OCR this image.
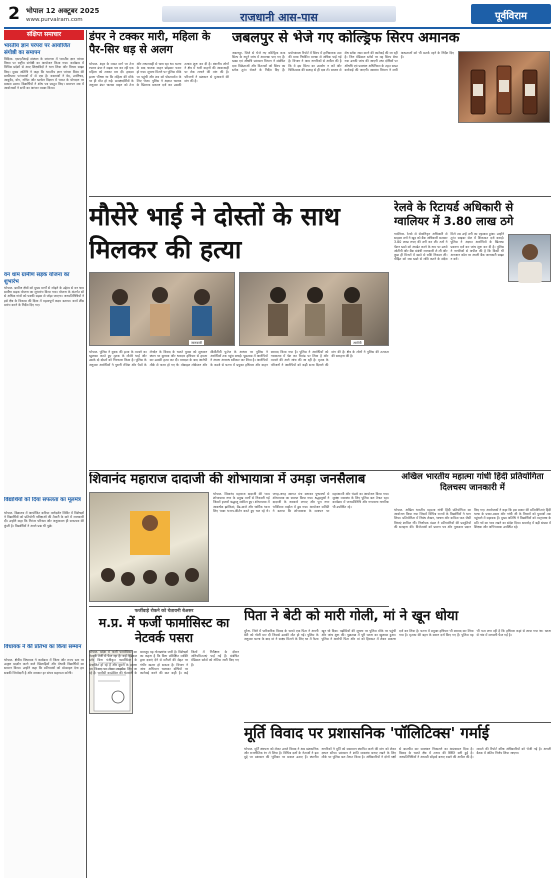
2 भोपाल 12 अक्टूबर 2025
www.purvairam.com	राजधानी आस-पास	पूर्वविराम
संक्षिप्त समाचार
भारतीय ज्ञान परंपरा पर आयोजित संगोष्ठी का समापन
विदिशा. एसएटीआई संस्थान के सभागार में भारतीय ज्ञान परंपरा विषय पर राष्ट्रीय संगोष्ठी का आयोजन किया गया। कार्यक्रम में विभिन्न प्रदेशों से आए शिक्षाविदों ने भाग लिया और विचार साझा किए। मुख्य अतिथि ने कहा कि भारतीय ज्ञान परंपरा विश्व की प्राचीनतम परंपराओं में से एक है। वक्ताओं ने वेद, उपनिषद, आयुर्वेद, योग, गणित और खगोल विज्ञान में भारत के योगदान पर प्रकाश डाला। विद्यार्थियों ने शोध पत्र प्रस्तुत किए। समापन सत्र में आयोजकों ने सभी का आभार व्यक्त किया।
वन धाम ग्रामीण सड़क योजना का शुभारंभ
भोपाल. ग्रामीण क्षेत्रों को मुख्य मार्गों से जोड़ने के उद्देश्य से वन धाम ग्रामीण सड़क योजना का शुभारंभ किया गया। योजना के अंतर्गत सौ से अधिक गांवों को पक्की सड़क से जोड़ा जाएगा। जनप्रतिनिधियों ने इसे क्षेत्र के विकास की दिशा में महत्वपूर्ण कदम बताया। कार्य शीघ्र प्रारंभ करने के निर्देश दिए गए।
विद्यार्थियों को दिया सफलता का मूलमंत्र
भोपाल. विद्यालय में आयोजित करियर मार्गदर्शन शिविर में विशेषज्ञों ने विद्यार्थियों को प्रतियोगी परीक्षाओं की तैयारी के बारे में जानकारी दी। उन्होंने कहा कि निरंतर परिश्रम और अनुशासन ही सफलता की कुंजी है। विद्यार्थियों ने अपने प्रश्न भी पूछे।
विधायक ने की प्रतिभा का किया सम्मान
भोपाल. क्षेत्रीय विधायक ने कार्यक्रम में जिला और राज्य स्तर पर उत्कृष्ट प्रदर्शन करने वाले खिलाड़ियों और मेधावी विद्यार्थियों का सम्मान किया। उन्होंने कहा कि प्रतिभाओं को प्रोत्साहन देना हम सबकी जिम्मेदारी है और सरकार हर संभव सहायता करेगी।
डंपर ने टक्कर मारी, महिला के पैर-सिर धड़ से अलग
भोपाल. शहर के व्यस्त मार्ग पर तेज रफ्तार डंपर ने सड़क पार कर रही एक महिला को टक्कर मार दी। हादसा इतना भीषण था कि महिला की मौके पर ही मौत हो गई। प्रत्यक्षदर्शियों के अनुसार डंपर चालक वाहन को तेज और लापरवाही से चला रहा था। घटना के बाद चालक वाहन छोड़कर फरार हो गया। सूचना मिलने पर पुलिस मौके पर पहुंची और शव को पोस्टमार्टम के लिए भेजा। पुलिस ने अज्ञात चालक के खिलाफ प्रकरण दर्ज कर उसकी तलाश शुरू कर दी है। स्थानीय लोगों ने क्षेत्र में भारी वाहनों की आवाजाही पर रोक लगाने की मांग की है। परिजनों ने प्रशासन से मुआवजे की मांग की है।
जबलपुर से भेजे गए कोल्ड्रिफ सिरप अमानक
जबलपुर. जिले से भेजे गए कोल्ड्रिफ कफ सिरप के नमूने जांच में अमानक पाए गए हैं। खाद्य एवं औषधि प्रशासन विभाग ने संबंधित दवा विक्रेताओं और वितरकों को सिरप का स्टॉक तुरंत रोकने के निर्देश दिए हैं। प्रयोगशाला रिपोर्ट में सिरप में हानिकारक तत्व की मात्रा निर्धारित मानक से अधिक पाई गई है। विभाग ने आम नागरिकों से अपील की है कि वे इस सिरप का उपयोग न करें और चिकित्सक की सलाह से ही दवा लें। बाजार से शेष स्टॉक जब्त करने की कार्रवाई की जा रही है। जिन मेडिकल स्टोर्स पर यह सिरप बेचा गया उनकी जांच की जाएगी तथा दोषियों पर औषधि एवं प्रसाधन अधिनियम के तहत सख्त कार्रवाई की जाएगी। स्वास्थ्य विभाग ने सभी अस्पतालों को भी सतर्क रहने के निर्देश दिए हैं।
मौसेरे भाई ने दोस्तों के साथ मिलकर की हत्या
जानकारी	आरोपी
भोपाल. पुलिस ने युवक की हत्या के मामले का खुलासा करते हुए मृतक के मौसेरे भाई और उसके दो दोस्तों को गिरफ्तार किया है। पुलिस के अनुसार आरोपियों ने पुरानी रंजिश और पैसों के लेनदेन के विवाद के चलते युवक को सुनसान स्थान पर बुलाया और धारदार हथियार से हमला कर उसकी हत्या कर दी। वारदात के बाद आरोपी मौके से फरार हो गए थे। मोबाइल लोकेशन और सीसीटीवी फुटेज के आधार पर पुलिस ने आरोपियों तक पहुंच बनाई। पूछताछ में आरोपियों ने अपना अपराध स्वीकार कर लिया है। आरोपियों के कब्जे से घटना में प्रयुक्त हथियार और वाहन बरामद किया गया है। पुलिस ने आरोपियों को न्यायालय में पेश कर रिमांड पर लिया है और मामले की आगे जांच की जा रही है। मृतक के परिजनों ने आरोपियों को कड़ी सजा दिलाने की मांग की है। क्षेत्र के लोगों ने पुलिस की तत्परता की सराहना की है।
रेलवे के रिटायर्ड अधिकारी से ग्वालियर में 3.80 लाख ठगे
ग्वालियर. रेलवे से सेवानिवृत्त अधिकारी से साइबर ठगों ने खुद को बैंक अधिकारी बताकर 3.80 लाख रुपए की ठगी कर ली। ठगों ने पेंशन खाते को अपडेट करने के नाम पर उनसे ओटीपी और बैंक संबंधी जानकारी ले ली और कुछ ही मिनटों में खाते से राशि निकाल ली। पीड़ित को जब खाते से राशि कटने के संदेश मिले तब उन्हें ठगी का एहसास हुआ। उन्होंने तुरंत साइबर सेल में शिकायत दर्ज कराई। पुलिस ने अज्ञात आरोपियों के खिलाफ प्रकरण दर्ज कर जांच शुरू कर दी है। पुलिस ने नागरिकों से अपील की है कि किसी भी अनजान कॉल पर अपनी बैंक जानकारी साझा न करें।
शिवानंद महाराज दादाजी की शोभायात्रा में उमड़ा जनसैलाब
भोपाल. शिवानंद महाराज दादाजी की भव्य शोभायात्रा नगर के प्रमुख मार्गों से निकाली गई जिसमें हजारों श्रद्धालु शामिल हुए। शोभायात्रा में आकर्षक झांकियां, बैंड-बाजे और धार्मिक ध्वज लिए भक्त भजन-कीर्तन करते हुए चल रहे थे। जगह-जगह स्वागत मंच बनाकर पुष्पवर्षा से शोभायात्रा का स्वागत किया गया। श्रद्धालुओं ने दादाजी के जयकारे लगाए और पूरा नगर भक्तिमय माहौल में डूब गया। आयोजन समिति ने बताया कि शोभायात्रा के समापन पर महाआरती और भंडारे का आयोजन किया गया। सुरक्षा व्यवस्था के लिए पुलिस बल तैनात रहा। कार्यक्रम में जनप्रतिनिधि और गणमान्य नागरिक भी उपस्थित रहे।
अखिल भारतीय महात्मा गांधी हिंदी प्रतियोगिता दिलचस्प जानकारी में
भोपाल. अखिल भारतीय महात्मा गांधी हिंदी प्रतियोगिता का आयोजन किया गया जिसमें विभिन्न राज्यों के विद्यार्थियों ने भाग लिया। प्रतियोगिता में निबंध लेखन, भाषण और कविता पाठ जैसी विधाएं शामिल थीं। निर्णायक मंडल ने प्रतिभागियों की प्रस्तुतियों की सराहना की। विजेताओं को प्रमाण पत्र और पुरस्कार प्रदान किए गए। आयोजकों ने कहा कि इस प्रकार की प्रतियोगिताएं हिंदी भाषा के प्रचार-प्रसार और गांधी जी के विचारों को युवाओं तक पहुंचाने में सहायक हैं। मुख्य अतिथि ने विद्यार्थियों को मातृभाषा के प्रति गर्व का भाव रखने का संदेश दिया। समारोह में बड़ी संख्या में शिक्षक और अभिभावक उपस्थित रहे।
फर्जीवाड़े रोकने को चेतावनी बेअसर
म.प्र. में फर्जी फार्मासिस्ट का नेटवर्क पसरा
भोपाल. प्रदेश में फर्जी फार्मासिस्ट का नेटवर्क तेजी से फैल रहा है। कई मेडिकल स्टोर बिना पंजीकृत फार्मासिस्ट के संचालित हो रहे हैं और दूसरों के प्रमाण पत्र किराए पर लेकर लाइसेंस लिए जा रहे हैं। फार्मेसी काउंसिल की चेतावनी के बावजूद यह गोरखधंधा जारी है। विशेषज्ञों का कहना है कि बिना प्रशिक्षित व्यक्ति द्वारा दवाएं देने से मरीजों की सेहत पर गंभीर खतरा हो सकता है। विभाग ने जांच अभियान चलाकर दोषियों पर कार्रवाई करने की बात कही है। कई जिलों में निरीक्षण के दौरान अनियमितताएं पाई गई हैं। संबंधित मेडिकल स्टोर्स को नोटिस जारी किए गए हैं।
पिता ने बेटी को मारी गोली, मां ने खून धोया
मुरैना. जिले में पारिवारिक विवाद के चलते एक पिता ने अपनी बेटी को गोली मार दी जिससे उसकी मौत हो गई। पुलिस के अनुसार घटना के बाद मां ने साक्ष्य मिटाने के लिए घर में फैला खून धो दिया। पड़ोसियों की सूचना पर पुलिस मौके पर पहुंची और जांच शुरू की। पूछताछ में पूरी घटना का खुलासा हुआ। पुलिस ने आरोपी पिता और मां को हिरासत में लेकर प्रकरण दर्ज कर लिया है। घटना में प्रयुक्त हथियार भी बरामद कर लिया गया है। मृतका की बहन के बयान दर्ज किए गए हैं। पुलिस यह भी पता लगा रही है कि हथियार कहां से लाया गया था। घटना से गांव में सनसनी फैल गई है।
मूर्ति विवाद पर प्रशासनिक 'पॉलिटिक्स' गर्माई
भोपाल. मूर्ति स्थापना को लेकर उपजे विवाद ने अब प्रशासनिक और राजनीतिक रंग ले लिया है। विभिन्न दलों के नेताओं ने इस मुद्दे पर प्रशासन की भूमिका पर सवाल उठाए हैं। स्थानीय नागरिकों ने मूर्ति को ससम्मान स्थापित करने की मांग को लेकर ज्ञापन सौंपा। प्रशासन ने शांति व्यवस्था बनाए रखने के लिए मौके पर पुलिस बल तैनात किया है। अधिकारियों ने दोनों पक्षों से बातचीत कर समाधान निकालने का आश्वासन दिया है। विवाद के चलते क्षेत्र में तनाव की स्थिति बनी हुई है। जनप्रतिनिधियों ने आपसी सौहार्द बनाए रखने की अपील की है। मामले की रिपोर्ट वरिष्ठ अधिकारियों को भेजी गई है। अगली बैठक में अंतिम निर्णय लिया जाएगा।
